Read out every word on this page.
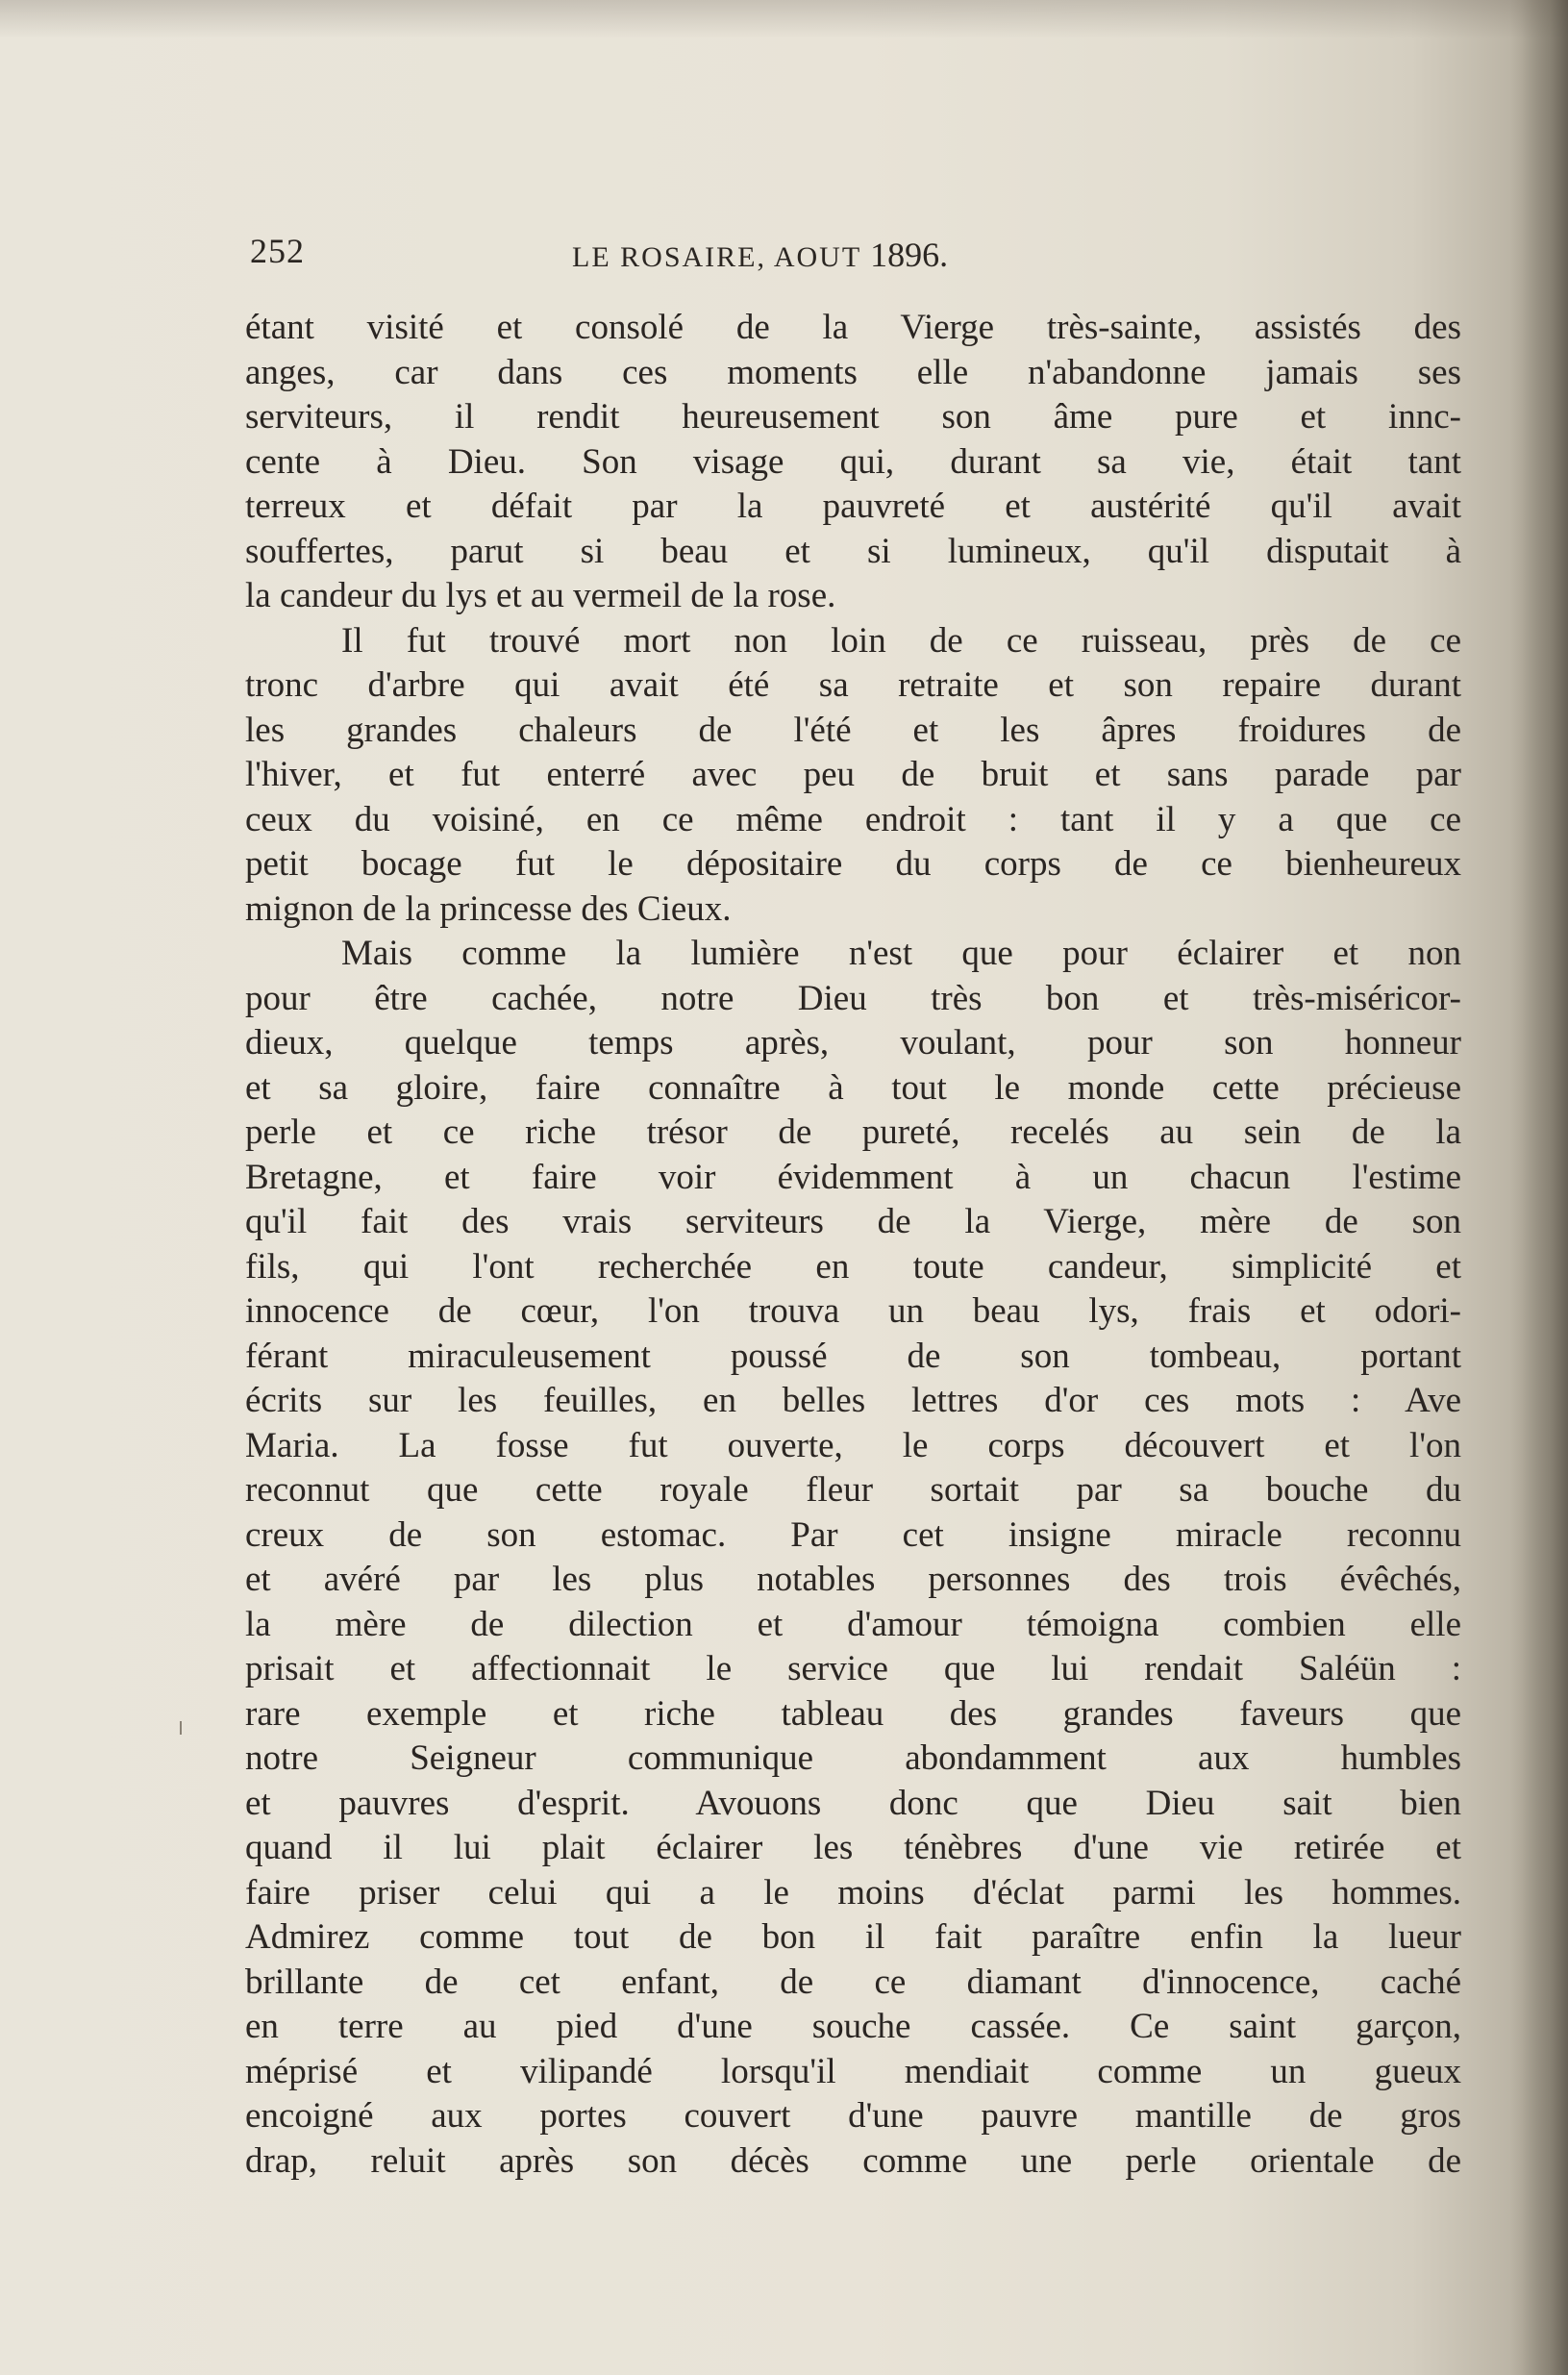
252	LE ROSAIRE, AOUT 1896.
étant visité et consolé de la Vierge très-sainte, assistés des
anges, car dans ces moments elle n'abandonne jamais ses
serviteurs, il rendit heureusement son âme pure et innc-
cente à Dieu. Son visage qui, durant sa vie, était tant
terreux et défait par la pauvreté et austérité qu'il avait
souffertes, parut si beau et si lumineux, qu'il disputait à
la candeur du lys et au vermeil de la rose.
Il fut trouvé mort non loin de ce ruisseau, près de ce
tronc d'arbre qui avait été sa retraite et son repaire durant
les grandes chaleurs de l'été et les âpres froidures de
l'hiver, et fut enterré avec peu de bruit et sans parade par
ceux du voisiné, en ce même endroit : tant il y a que ce
petit bocage fut le dépositaire du corps de ce bienheureux
mignon de la princesse des Cieux.
Mais comme la lumière n'est que pour éclairer et non
pour être cachée, notre Dieu très bon et très-miséricor-
dieux, quelque temps après, voulant, pour son honneur
et sa gloire, faire connaître à tout le monde cette précieuse
perle et ce riche trésor de pureté, recelés au sein de la
Bretagne, et faire voir évidemment à un chacun l'estime
qu'il fait des vrais serviteurs de la Vierge, mère de son
fils, qui l'ont recherchée en toute candeur, simplicité et
innocence de cœur, l'on trouva un beau lys, frais et odori-
férant miraculeusement poussé de son tombeau, portant
écrits sur les feuilles, en belles lettres d'or ces mots : Ave
Maria. La fosse fut ouverte, le corps découvert et l'on
reconnut que cette royale fleur sortait par sa bouche du
creux de son estomac. Par cet insigne miracle reconnu
et avéré par les plus notables personnes des trois évêchés,
la mère de dilection et d'amour témoigna combien elle
prisait et affectionnait le service que lui rendait Saléün :
rare exemple et riche tableau des grandes faveurs que
notre Seigneur communique abondamment aux humbles
et pauvres d'esprit. Avouons donc que Dieu sait bien
quand il lui plait éclairer les ténèbres d'une vie retirée et
faire priser celui qui a le moins d'éclat parmi les hommes.
Admirez comme tout de bon il fait paraître enfin la lueur
brillante de cet enfant, de ce diamant d'innocence, caché
en terre au pied d'une souche cassée. Ce saint garçon,
méprisé et vilipandé lorsqu'il mendiait comme un gueux
encoigné aux portes couvert d'une pauvre mantille de gros
drap, reluit après son décès comme une perle orientale de
